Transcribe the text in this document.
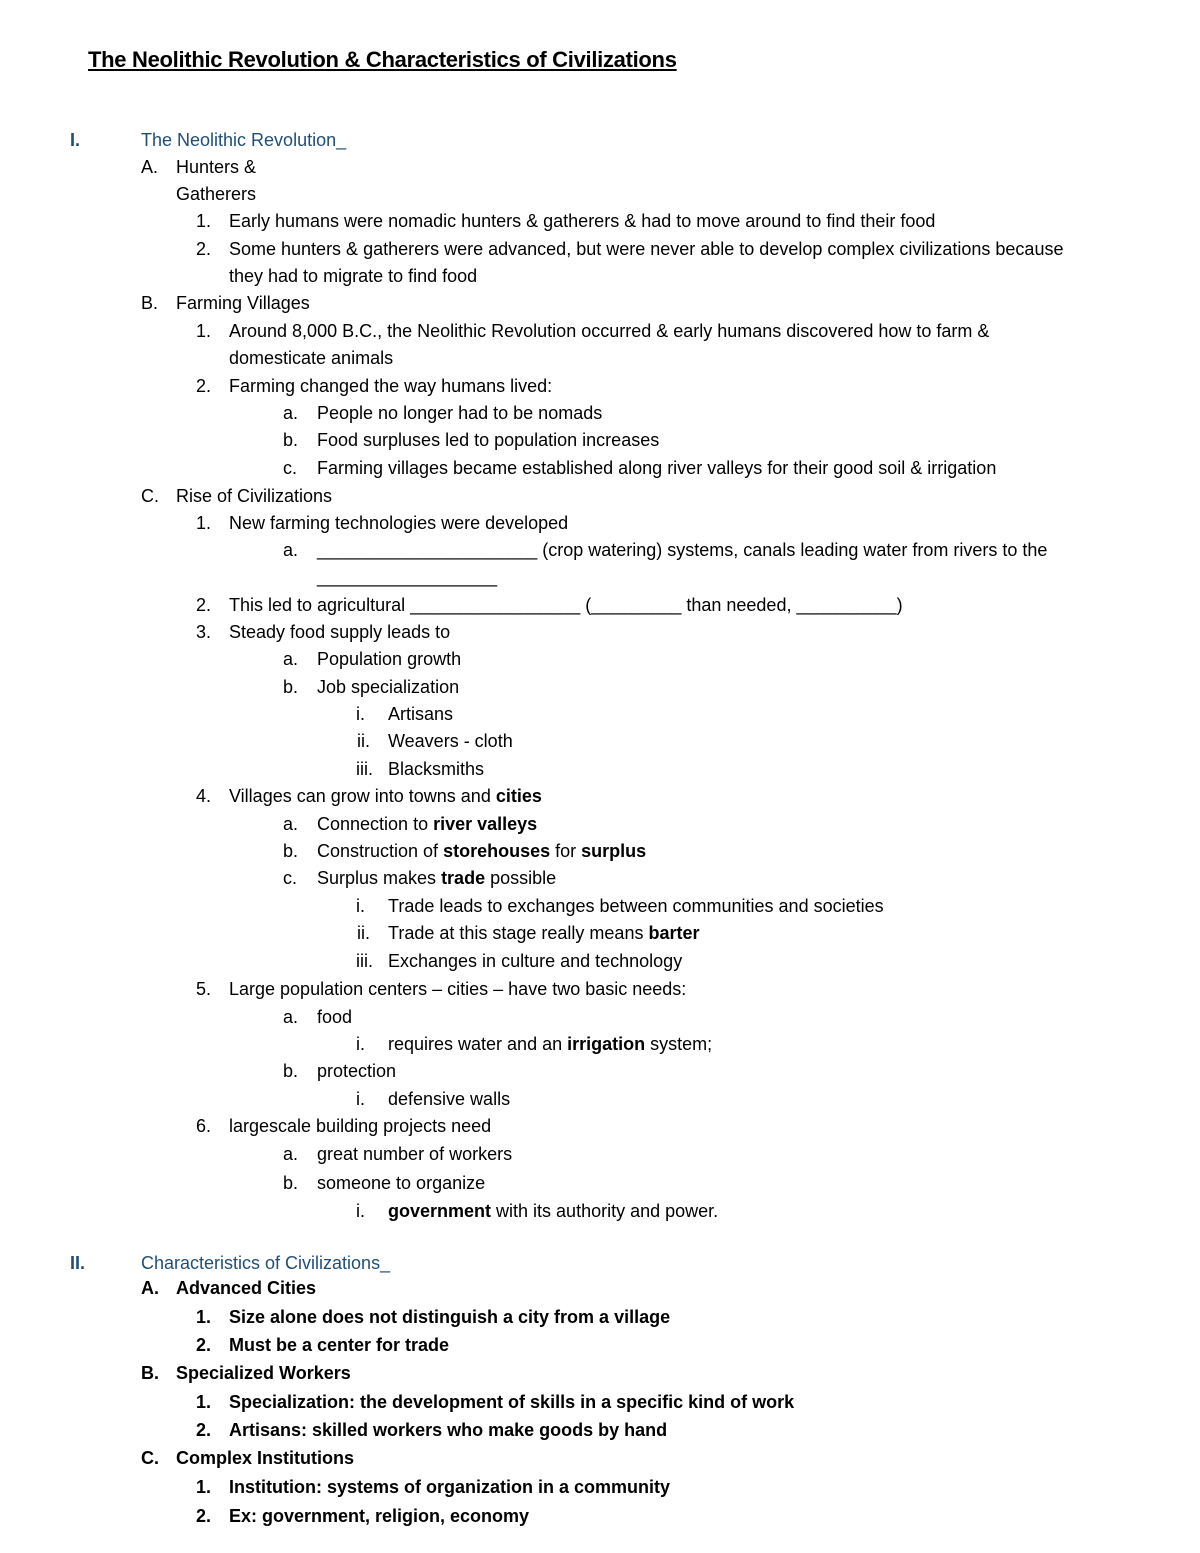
The Neolithic Revolution & Characteristics of Civilizations
I.	The Neolithic Revolution_
A. Hunters &
Gatherers
1. Early humans were nomadic hunters & gatherers & had to move around to find their food
2. Some hunters & gatherers were advanced, but were never able to develop complex civilizations because
they had to migrate to find food
B. Farming Villages
1. Around 8,000 B.C., the Neolithic Revolution occurred & early humans discovered how to farm &
domesticate animals
2. Farming changed the way humans lived:
a. People no longer had to be nomads
b. Food surpluses led to population increases
c. Farming villages became established along river valleys for their good soil & irrigation
C. Rise of Civilizations
1. New farming technologies were developed
a. ______________________ (crop watering) systems, canals leading water from rivers to the
__________________
2. This led to agricultural _________________ (_________ than needed, __________)
3. Steady food supply leads to
a. Population growth
b. Job specialization
i. Artisans
ii. Weavers - cloth
iii. Blacksmiths
4. Villages can grow into towns and cities
a. Connection to river valleys
b. Construction of storehouses for surplus
c. Surplus makes trade possible
i. Trade leads to exchanges between communities and societies
ii. Trade at this stage really means barter
iii. Exchanges in culture and technology
5. Large population centers – cities – have two basic needs:
a. food
i. requires water and an irrigation system;
b. protection
i. defensive walls
6. largescale building projects need
a. great number of workers
b. someone to organize
i. government with its authority and power.
II.	Characteristics of Civilizations_
A. Advanced Cities
1. Size alone does not distinguish a city from a village
2. Must be a center for trade
B. Specialized Workers
1. Specialization: the development of skills in a specific kind of work
2. Artisans: skilled workers who make goods by hand
C. Complex Institutions
1. Institution: systems of organization in a community
2. Ex: government, religion, economy
